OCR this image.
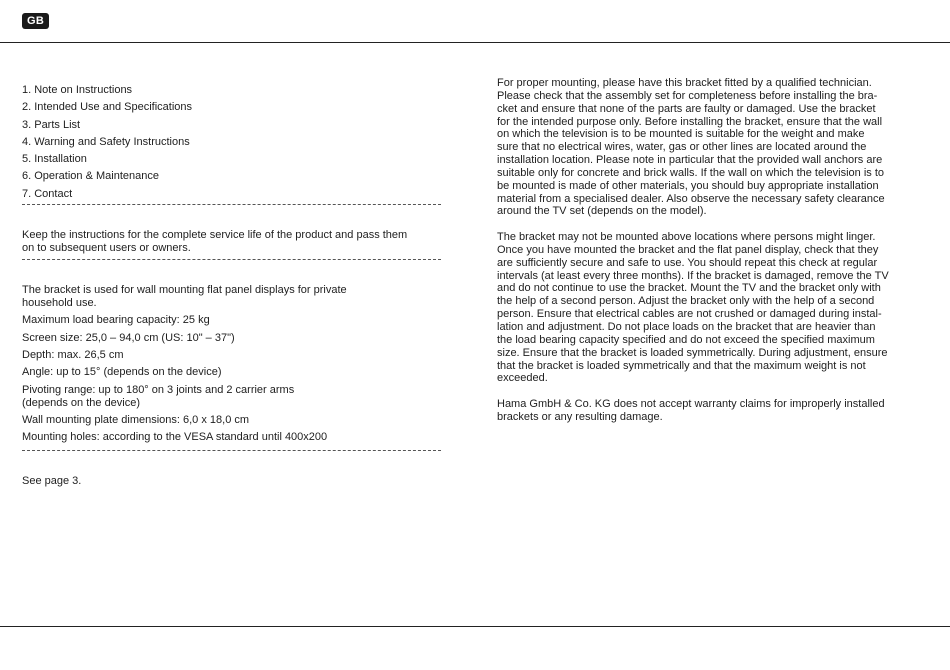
GB
1. Note on Instructions
2. Intended Use and Specifications
3. Parts List
4. Warning and Safety Instructions
5. Installation
6. Operation & Maintenance
7. Contact
Keep the instructions for the complete service life of the product and pass them on to subsequent users or owners.
The bracket is used for wall mounting flat panel displays for private household use.
Maximum load bearing capacity: 25 kg
Screen size: 25,0 – 94,0 cm (US: 10" – 37")
Depth: max. 26,5 cm
Angle: up to 15° (depends on the device)
Pivoting range: up to 180° on 3 joints and 2 carrier arms (depends on the device)
Wall mounting plate dimensions: 6,0 x 18,0 cm
Mounting holes: according to the VESA standard until 400x200
See page 3.
For proper mounting, please have this bracket fitted by a qualified technician.
Please check that the assembly set for completeness before installing the bra-
cket and ensure that none of the parts are faulty or damaged. Use the bracket
for the intended purpose only. Before installing the bracket, ensure that the wall
on which the television is to be mounted is suitable for the weight and make
sure that no electrical wires, water, gas or other lines are located around the
installation location. Please note in particular that the provided wall anchors are
suitable only for concrete and brick walls. If the wall on which the television is to
be mounted is made of other materials, you should buy appropriate installation
material from a specialised dealer. Also observe the necessary safety clearance
around the TV set (depends on the model).
The bracket may not be mounted above locations where persons might linger.
Once you have mounted the bracket and the flat panel display, check that they
are sufficiently secure and safe to use. You should repeat this check at regular
intervals (at least every three months). If the bracket is damaged, remove the TV
and do not continue to use the bracket. Mount the TV and the bracket only with
the help of a second person. Adjust the bracket only with the help of a second
person. Ensure that electrical cables are not crushed or damaged during instal-
lation and adjustment. Do not place loads on the bracket that are heavier than
the load bearing capacity specified and do not exceed the specified maximum
size. Ensure that the bracket is loaded symmetrically. During adjustment, ensure
that the bracket is loaded symmetrically and that the maximum weight is not
exceeded.
Hama GmbH & Co. KG does not accept warranty claims for improperly installed
brackets or any resulting damage.
